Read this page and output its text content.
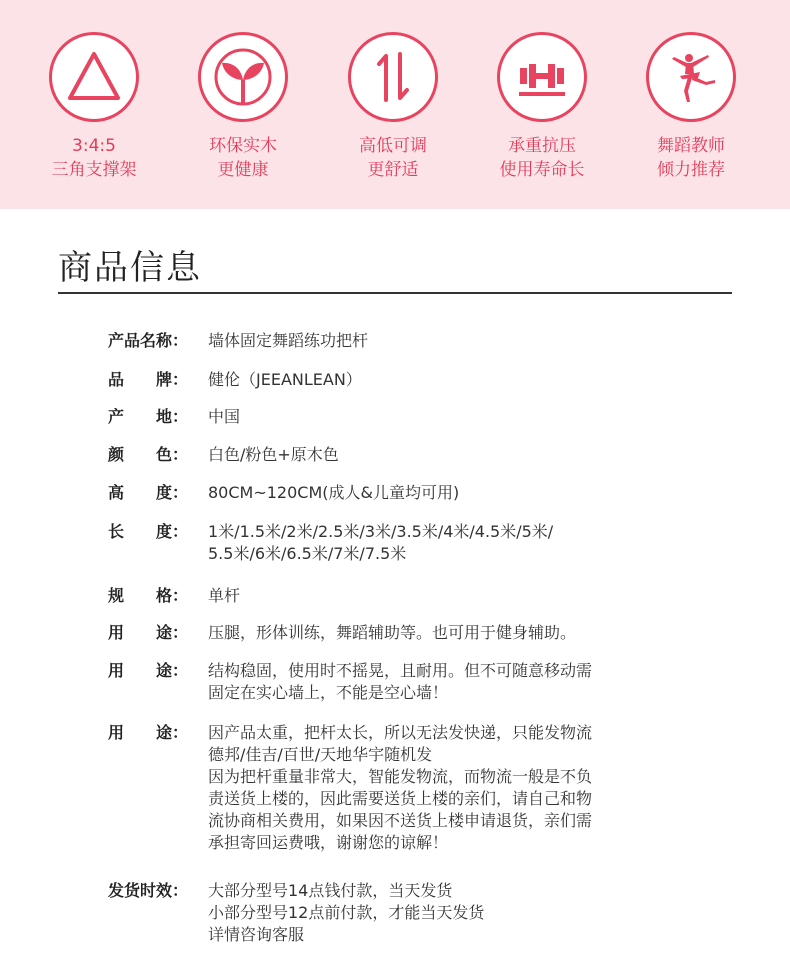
3:4:5
三角支撑架
环保实木
更健康
高低可调
更舒适
承重抗压
使用寿命长
舞蹈教师
倾力推荐
商品信息
产品名称：	墙体固定舞蹈练功把杆
品　　牌：	健伦（JEEANLEAN）
产　　地：	中国
颜　　色：	白色/粉色+原木色
高　　度：	80CM~120CM(成人&儿童均可用)
长　　度：	1米/1.5米/2米/2.5米/3米/3.5米/4米/4.5米/5米/
5.5米/6米/6.5米/7米/7.5米
规　　格：	单杆
用　　途：	压腿，形体训练，舞蹈辅助等。也可用于健身辅助。
用　　途：	结构稳固，使用时不摇晃，且耐用。但不可随意移动需
固定在实心墙上，不能是空心墙！
用　　途：	因产品太重，把杆太长，所以无法发快递，只能发物流
德邦/佳吉/百世/天地华宇随机发
因为把杆重量非常大，智能发物流，而物流一般是不负
责送货上楼的，因此需要送货上楼的亲们，请自己和物
流协商相关费用，如果因不送货上楼申请退货，亲们需
承担寄回运费哦，谢谢您的谅解！
发货时效：	大部分型号14点钱付款，当天发货
小部分型号12点前付款，才能当天发货
详情咨询客服
